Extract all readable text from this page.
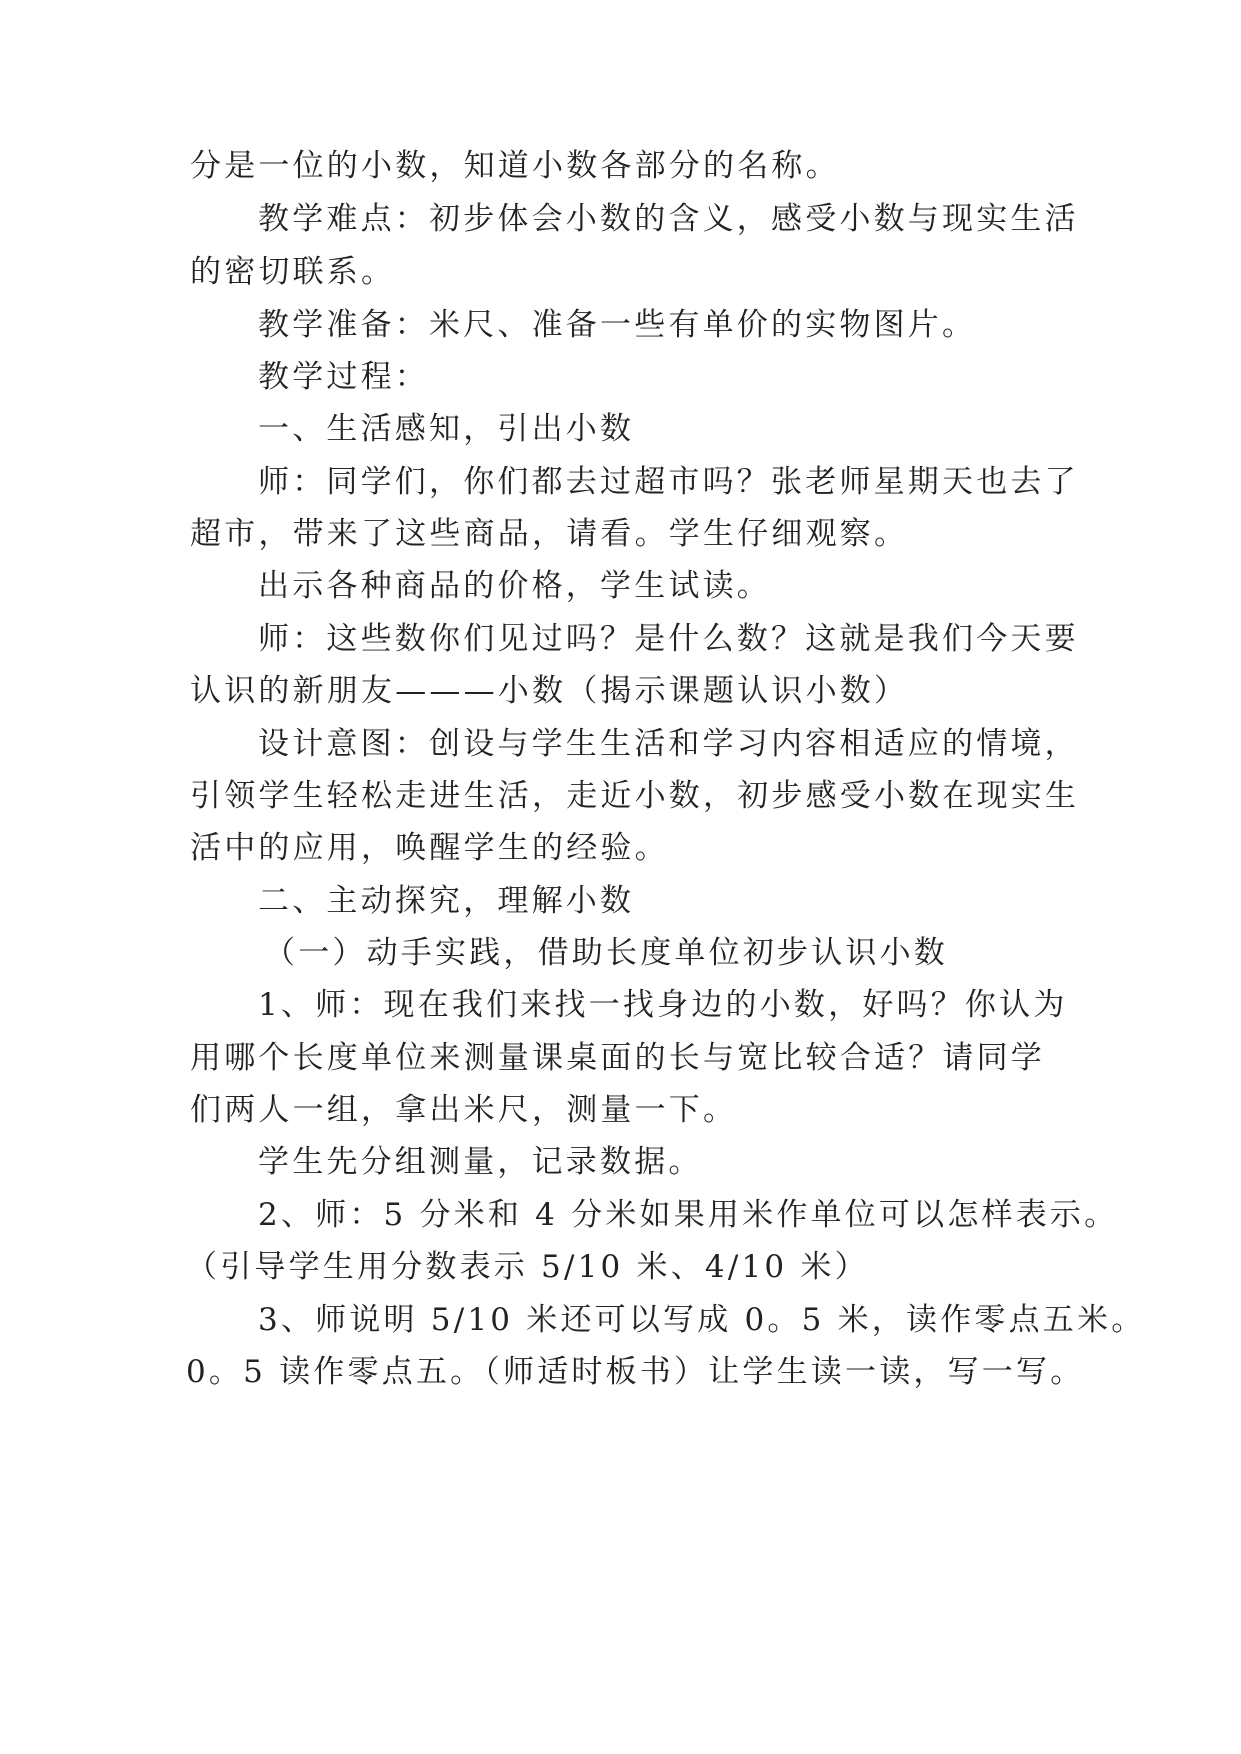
分是一位的小数，知道小数各部分的名称。

教学难点：初步体会小数的含义，感受小数与现实生活

的密切联系。

教学准备：米尺、准备一些有单价的实物图片。

教学过程：

一、生活感知，引出小数

师：同学们，你们都去过超市吗？张老师星期天也去了

超市，带来了这些商品，请看。学生仔细观察。

出示各种商品的价格，学生试读。

师：这些数你们见过吗？是什么数？这就是我们今天要

认识的新朋友———小数（揭示课题认识小数）

设计意图：创设与学生生活和学习内容相适应的情境，

引领学生轻松走进生活，走近小数，初步感受小数在现实生

活中的应用，唤醒学生的经验。

二、主动探究，理解小数

（一）动手实践，借助长度单位初步认识小数

1、师：现在我们来找一找身边的小数，好吗？你认为

用哪个长度单位来测量课桌面的长与宽比较合适？请同学

们两人一组，拿出米尺，测量一下。

学生先分组测量，记录数据。

2、师：5 分米和 4 分米如果用米作单位可以怎样表示。

（引导学生用分数表示 5/10 米、4/10 米）

3、师说明 5/10 米还可以写成 0。5 米，读作零点五米。

0。5 读作零点五。（师适时板书）让学生读一读，写一写。
